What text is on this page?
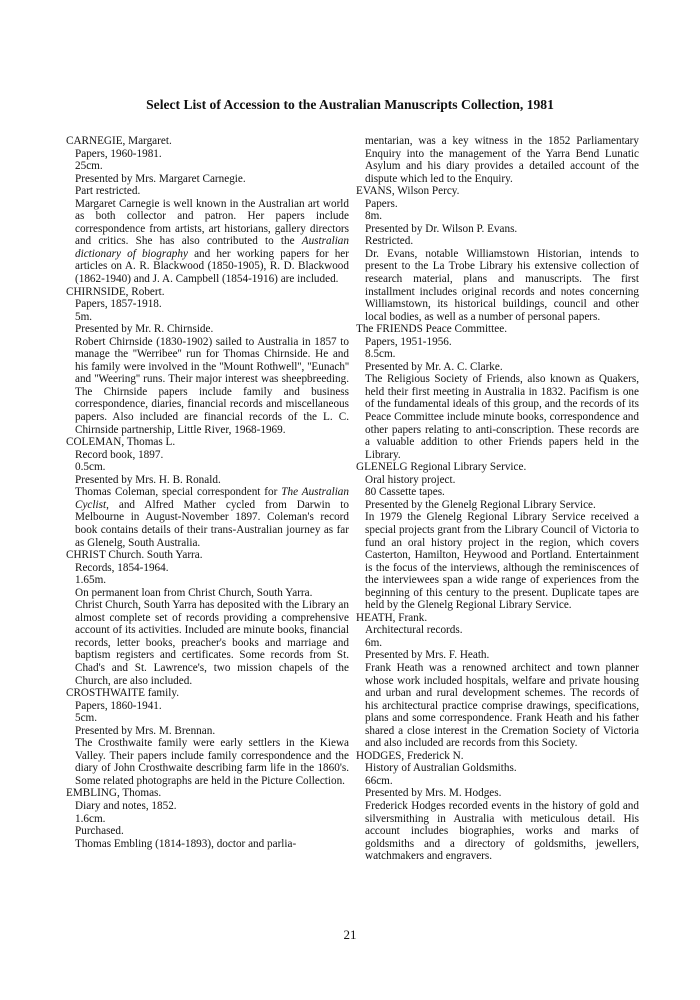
Select List of Accession to the Australian Manuscripts Collection, 1981
CARNEGIE, Margaret.
Papers, 1960-1981.
25cm.
Presented by Mrs. Margaret Carnegie.
Part restricted.
Margaret Carnegie is well known in the Australian art world as both collector and patron. Her papers include correspondence from artists, art historians, gallery directors and critics. She has also contributed to the Australian dictionary of biography and her working papers for her articles on A. R. Blackwood (1850-1905), R. D. Blackwood (1862-1940) and J. A. Campbell (1854-1916) are included.
CHIRNSIDE, Robert.
Papers, 1857-1918.
5m.
Presented by Mr. R. Chirnside.
Robert Chirnside (1830-1902) sailed to Australia in 1857 to manage the ''Werribee'' run for Thomas Chirnside. He and his family were involved in the ''Mount Rothwell'', ''Eunach'' and ''Weering'' runs. Their major interest was sheepbreeding. The Chirnside papers include family and business correspondence, diaries, financial records and miscellaneous papers. Also included are financial records of the L. C. Chirnside partnership, Little River, 1968-1969.
COLEMAN, Thomas L.
Record book, 1897.
0.5cm.
Presented by Mrs. H. B. Ronald.
Thomas Coleman, special correspondent for The Australian Cyclist, and Alfred Mather cycled from Darwin to Melbourne in August-November 1897. Coleman's record book contains details of their trans-Australian journey as far as Glenelg, South Australia.
CHRIST Church. South Yarra.
Records, 1854-1964.
1.65m.
On permanent loan from Christ Church, South Yarra.
Christ Church, South Yarra has deposited with the Library an almost complete set of records providing a comprehensive account of its activities. Included are minute books, financial records, letter books, preacher's books and marriage and baptism registers and certificates. Some records from St. Chad's and St. Lawrence's, two mission chapels of the Church, are also included.
CROSTHWAITE family.
Papers, 1860-1941.
5cm.
Presented by Mrs. M. Brennan.
The Crosthwaite family were early settlers in the Kiewa Valley. Their papers include family correspondence and the diary of John Crosthwaite describing farm life in the 1860's. Some related photographs are held in the Picture Collection.
EMBLING, Thomas.
Diary and notes, 1852.
1.6cm.
Purchased.
Thomas Embling (1814-1893), doctor and parlia-
mentarian, was a key witness in the 1852 Parliamentary Enquiry into the management of the Yarra Bend Lunatic Asylum and his diary provides a detailed account of the dispute which led to the Enquiry.
EVANS, Wilson Percy.
Papers.
8m.
Presented by Dr. Wilson P. Evans.
Restricted.
Dr. Evans, notable Williamstown Historian, intends to present to the La Trobe Library his extensive collection of research material, plans and manuscripts. The first installment includes original records and notes concerning Williamstown, its historical buildings, council and other local bodies, as well as a number of personal papers.
The FRIENDS Peace Committee.
Papers, 1951-1956.
8.5cm.
Presented by Mr. A. C. Clarke.
The Religious Society of Friends, also known as Quakers, held their first meeting in Australia in 1832. Pacifism is one of the fundamental ideals of this group, and the records of its Peace Committee include minute books, correspondence and other papers relating to anti-conscription. These records are a valuable addition to other Friends papers held in the Library.
GLENELG Regional Library Service.
Oral history project.
80 Cassette tapes.
Presented by the Glenelg Regional Library Service.
In 1979 the Glenelg Regional Library Service received a special projects grant from the Library Council of Victoria to fund an oral history project in the region, which covers Casterton, Hamilton, Heywood and Portland. Entertainment is the focus of the interviews, although the reminiscences of the interviewees span a wide range of experiences from the beginning of this century to the present. Duplicate tapes are held by the Glenelg Regional Library Service.
HEATH, Frank.
Architectural records.
6m.
Presented by Mrs. F. Heath.
Frank Heath was a renowned architect and town planner whose work included hospitals, welfare and private housing and urban and rural development schemes. The records of his architectural practice comprise drawings, specifications, plans and some correspondence. Frank Heath and his father shared a close interest in the Cremation Society of Victoria and also included are records from this Society.
HODGES, Frederick N.
History of Australian Goldsmiths.
66cm.
Presented by Mrs. M. Hodges.
Frederick Hodges recorded events in the history of gold and silversmithing in Australia with meticulous detail. His account includes biographies, works and marks of goldsmiths and a directory of goldsmiths, jewellers, watchmakers and engravers.
21
